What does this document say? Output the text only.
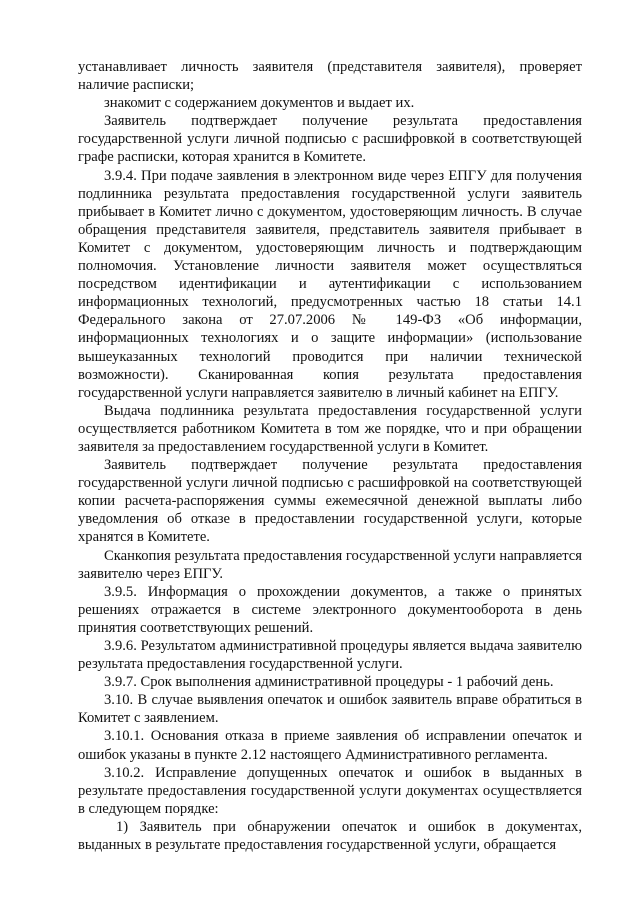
устанавливает личность заявителя (представителя заявителя), проверяет наличие расписки;

знакомит с содержанием документов и выдает их.

Заявитель подтверждает получение результата предоставления государственной услуги личной подписью с расшифровкой в соответствующей графе расписки, которая хранится в Комитете.

3.9.4. При подаче заявления в электронном виде через ЕПГУ для получения подлинника результата предоставления государственной услуги заявитель прибывает в Комитет лично с документом, удостоверяющим личность. В случае обращения представителя заявителя, представитель заявителя прибывает в Комитет с документом, удостоверяющим личность и подтверждающим полномочия. Установление личности заявителя может осуществляться посредством идентификации и аутентификации с использованием информационных технологий, предусмотренных частью 18 статьи 14.1 Федерального закона от 27.07.2006 № 149-ФЗ «Об информации, информационных технологиях и о защите информации» (использование вышеуказанных технологий проводится при наличии технической возможности). Сканированная копия результата предоставления государственной услуги направляется заявителю в личный кабинет на ЕПГУ.

Выдача подлинника результата предоставления государственной услуги осуществляется работником Комитета в том же порядке, что и при обращении заявителя за предоставлением государственной услуги в Комитет.

Заявитель подтверждает получение результата предоставления государственной услуги личной подписью с расшифровкой на соответствующей копии расчета-распоряжения суммы ежемесячной денежной выплаты либо уведомления об отказе в предоставлении государственной услуги, которые хранятся в Комитете.

Сканкопия результата предоставления государственной услуги направляется заявителю через ЕПГУ.

3.9.5. Информация о прохождении документов, а также о принятых решениях отражается в системе электронного документооборота в день принятия соответствующих решений.

3.9.6. Результатом административной процедуры является выдача заявителю результата предоставления государственной услуги.

3.9.7. Срок выполнения административной процедуры - 1 рабочий день.

3.10. В случае выявления опечаток и ошибок заявитель вправе обратиться в Комитет с заявлением.

3.10.1. Основания отказа в приеме заявления об исправлении опечаток и ошибок указаны в пункте 2.12 настоящего Административного регламента.

3.10.2. Исправление допущенных опечаток и ошибок в выданных в результате предоставления государственной услуги документах осуществляется в следующем порядке:

1) Заявитель при обнаружении опечаток и ошибок в документах, выданных в результате предоставления государственной услуги, обращается
